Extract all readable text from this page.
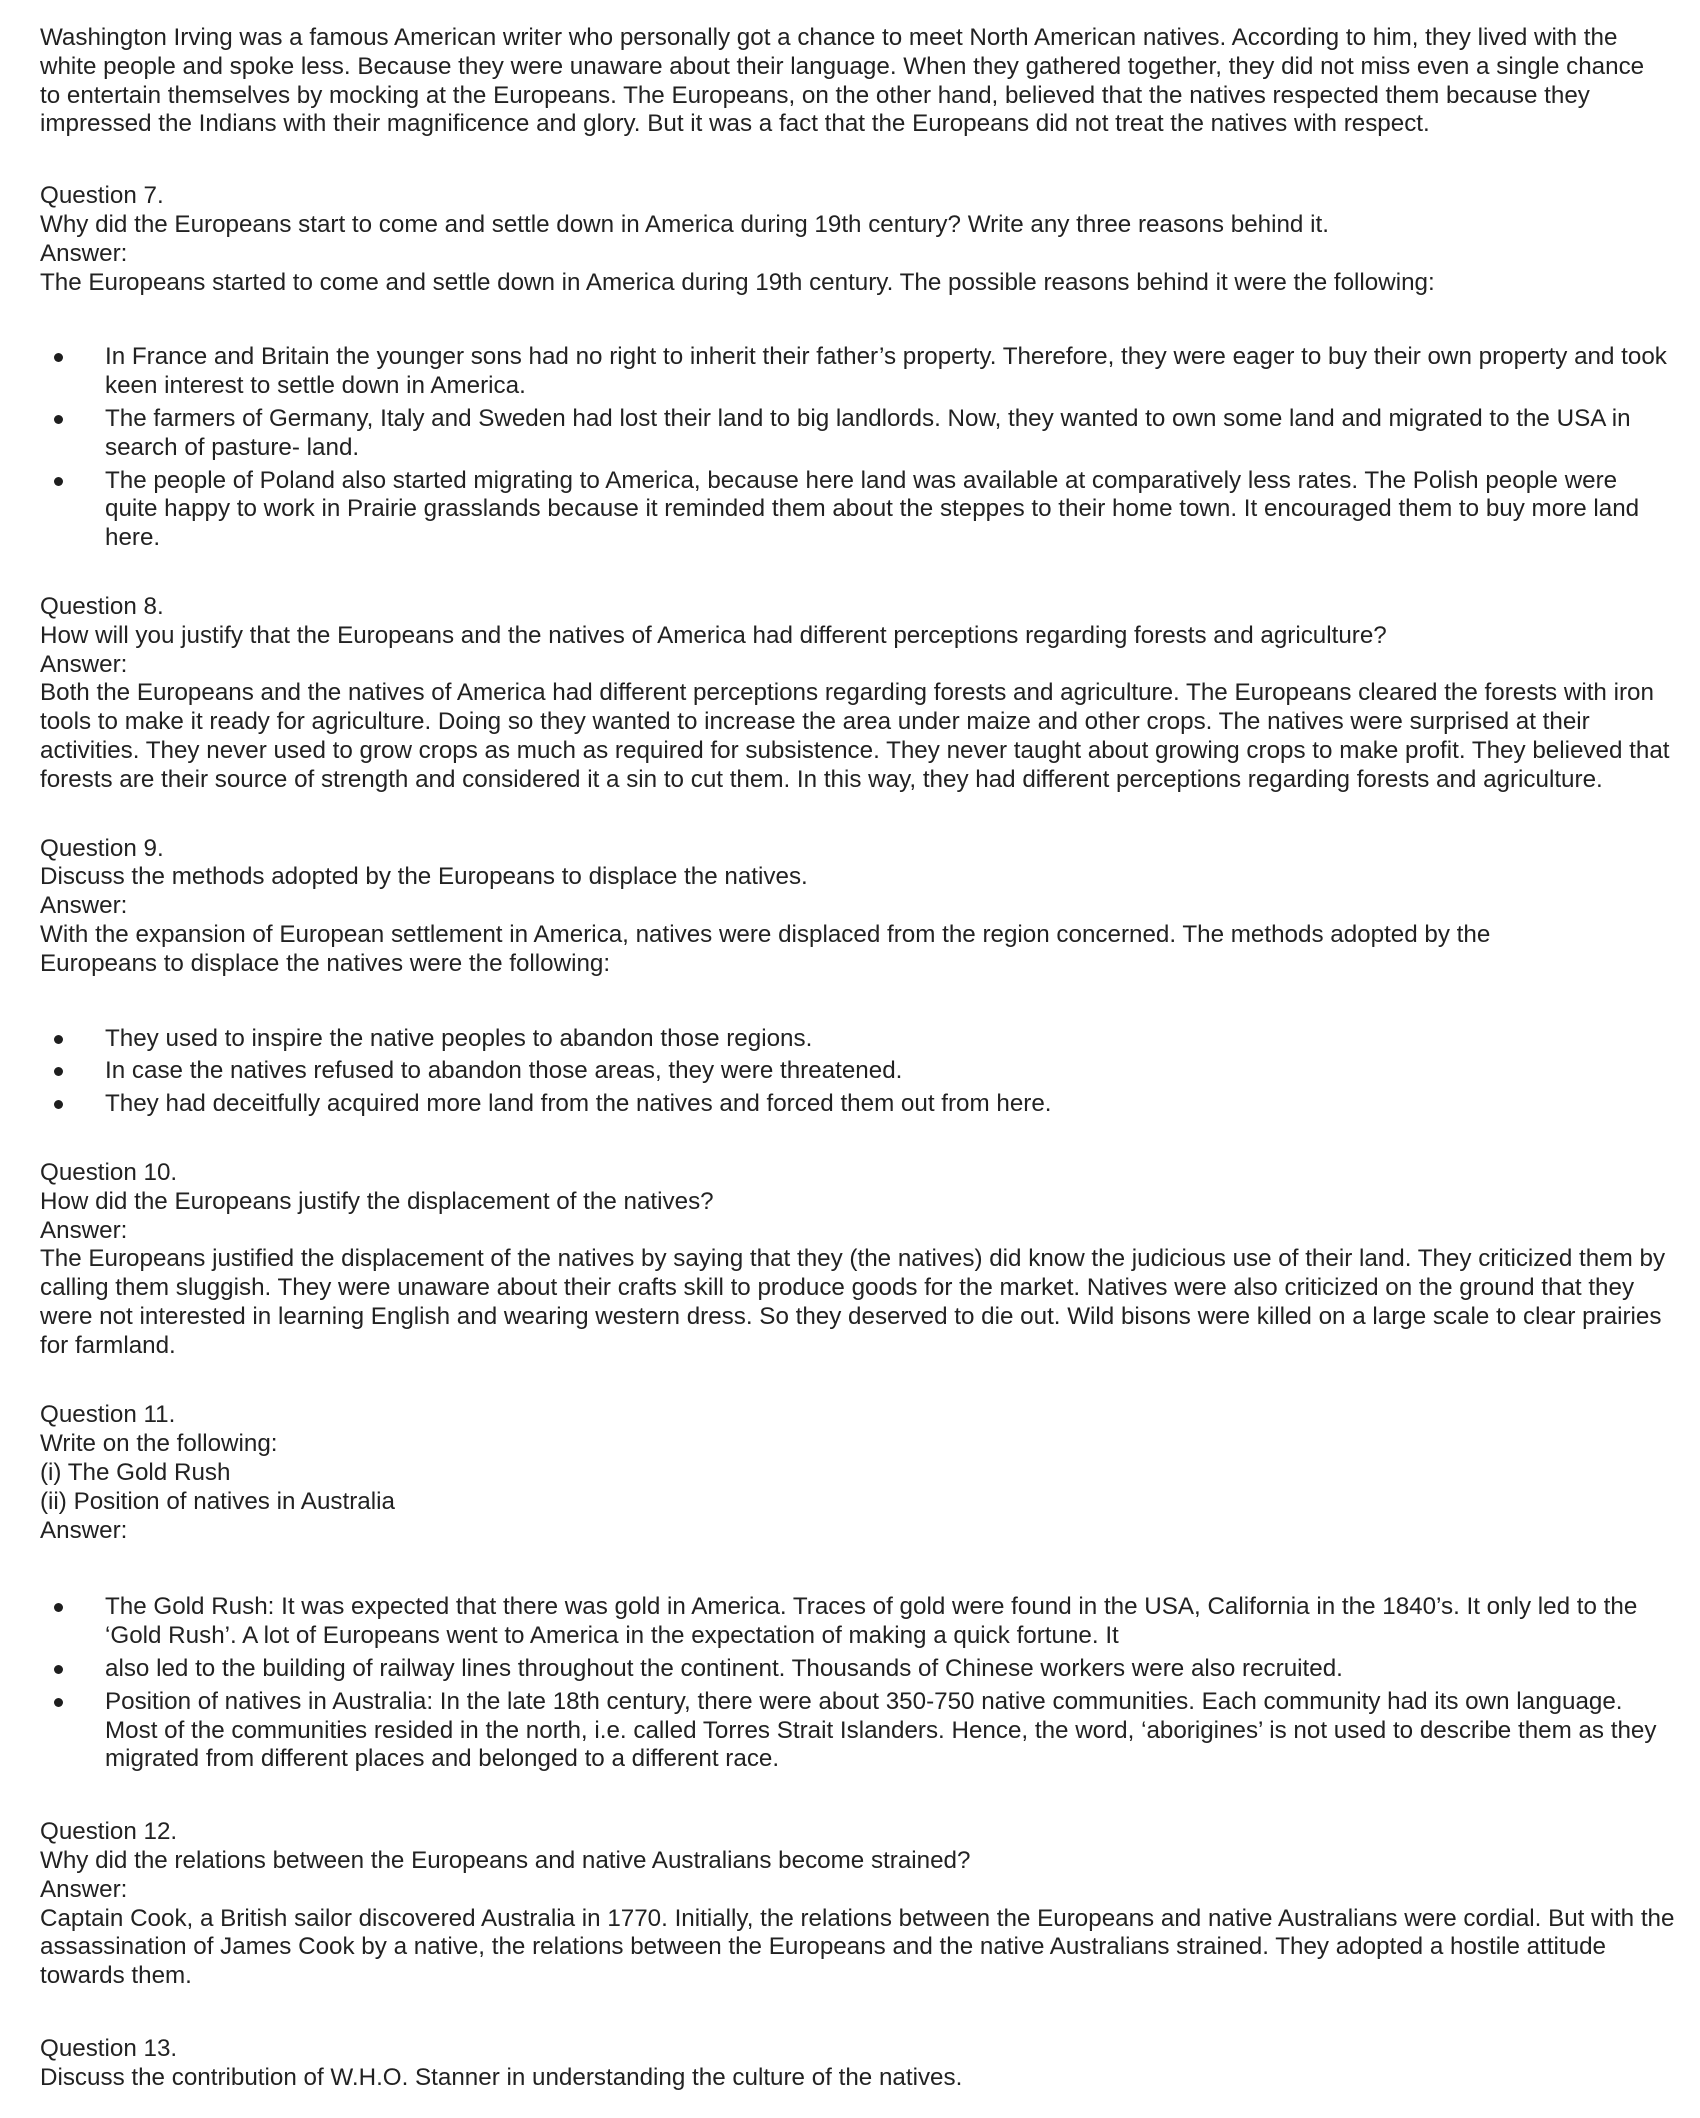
Washington Irving was a famous American writer who personally got a chance to meet North American natives. According to him, they lived with the white people and spoke less. Because they were unaware about their language. When they gathered together, they did not miss even a single chance to entertain themselves by mocking at the Europeans. The Europeans, on the other hand, believed that the natives respected them because they impressed the Indians with their magnificence and glory. But it was a fact that the Europeans did not treat the natives with respect.

Question 7.
Why did the Europeans start to come and settle down in America during 19th century? Write any three reasons behind it.
Answer:
The Europeans started to come and settle down in America during 19th century. The possible reasons behind it were the following:
In France and Britain the younger sons had no right to inherit their father’s property. Therefore, they were eager to buy their own property and took keen interest to settle down in America.
The farmers of Germany, Italy and Sweden had lost their land to big landlords. Now, they wanted to own some land and migrated to the USA in search of pasture- land.
The people of Poland also started migrating to America, because here land was available at comparatively less rates. The Polish people were quite happy to work in Prairie grasslands because it reminded them about the steppes to their home town. It encouraged them to buy more land here.
Question 8.
How will you justify that the Europeans and the natives of America had different perceptions regarding forests and agriculture?
Answer:
Both the Europeans and the natives of America had different perceptions regarding forests and agriculture. The Europeans cleared the forests with iron tools to make it ready for agriculture. Doing so they wanted to increase the area under maize and other crops. The natives were surprised at their activities. They never used to grow crops as much as required for subsistence. They never taught about growing crops to make profit. They believed that forests are their source of strength and considered it a sin to cut them. In this way, they had different perceptions regarding forests and agriculture.
Question 9.
Discuss the methods adopted by the Europeans to displace the natives.
Answer:
With the expansion of European settlement in America, natives were displaced from the region concerned. The methods adopted by the Europeans to displace the natives were the following:
They used to inspire the native peoples to abandon those regions.
In case the natives refused to abandon those areas, they were threatened.
They had deceitfully acquired more land from the natives and forced them out from here.
Question 10.
How did the Europeans justify the displacement of the natives?
Answer:
The Europeans justified the displacement of the natives by saying that they (the natives) did know the judicious use of their land. They criticized them by calling them sluggish. They were unaware about their crafts skill to produce goods for the market. Natives were also criticized on the ground that they were not interested in learning English and wearing western dress. So they deserved to die out. Wild bisons were killed on a large scale to clear prairies for farmland.
Question 11.
Write on the following:
(i) The Gold Rush
(ii) Position of natives in Australia
Answer:
The Gold Rush: It was expected that there was gold in America. Traces of gold were found in the USA, California in the 1840’s. It only led to the ‘Gold Rush’. A lot of Europeans went to America in the expectation of making a quick fortune. It
also led to the building of railway lines throughout the continent. Thousands of Chinese workers were also recruited.
Position of natives in Australia: In the late 18th century, there were about 350-750 native communities. Each community had its own language. Most of the communities resided in the north, i.e. called Torres Strait Islanders. Hence, the word, ‘aborigines’ is not used to describe them as they migrated from different places and belonged to a different race.
Question 12.
Why did the relations between the Europeans and native Australians become strained?
Answer:
Captain Cook, a British sailor discovered Australia in 1770. Initially, the relations between the Europeans and native Australians were cordial. But with the assassination of James Cook by a native, the relations between the Europeans and the native Australians strained. They adopted a hostile attitude towards them.
Question 13.
Discuss the contribution of W.H.O. Stanner in understanding the culture of the natives.
